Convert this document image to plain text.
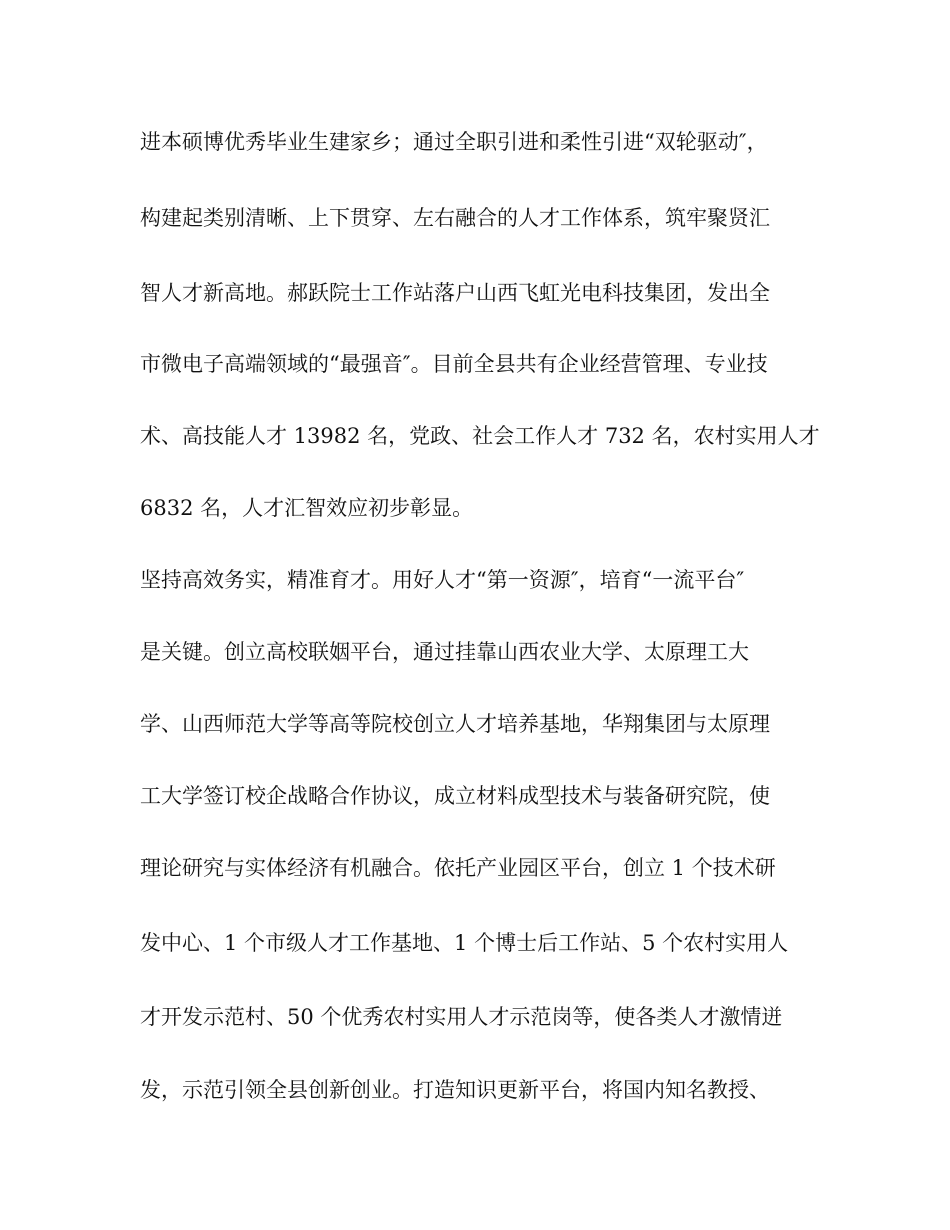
进本硕博优秀毕业生建家乡；通过全职引进和柔性引进“双轮驱动″，
构建起类别清晰、上下贯穿、左右融合的人才工作体系，筑牢聚贤汇
智人才新高地。郝跃院士工作站落户山西飞虹光电科技集团，发出全
市微电子高端领域的“最强音″。目前全县共有企业经营管理、专业技
术、高技能人才 13982 名，党政、社会工作人才 732 名，农村实用人才
6832 名，人才汇智效应初步彰显。
坚持高效务实，精准育才。用好人才“第一资源″，培育“一流平台″
是关键。创立高校联姻平台，通过挂靠山西农业大学、太原理工大
学、山西师范大学等高等院校创立人才培养基地，华翔集团与太原理
工大学签订校企战略合作协议，成立材料成型技术与装备研究院，使
理论研究与实体经济有机融合。依托产业园区平台，创立 1 个技术研
发中心、1 个市级人才工作基地、1 个博士后工作站、5 个农村实用人
才开发示范村、50 个优秀农村实用人才示范岗等，使各类人才激情迸
发，示范引领全县创新创业。打造知识更新平台，将国内知名教授、
